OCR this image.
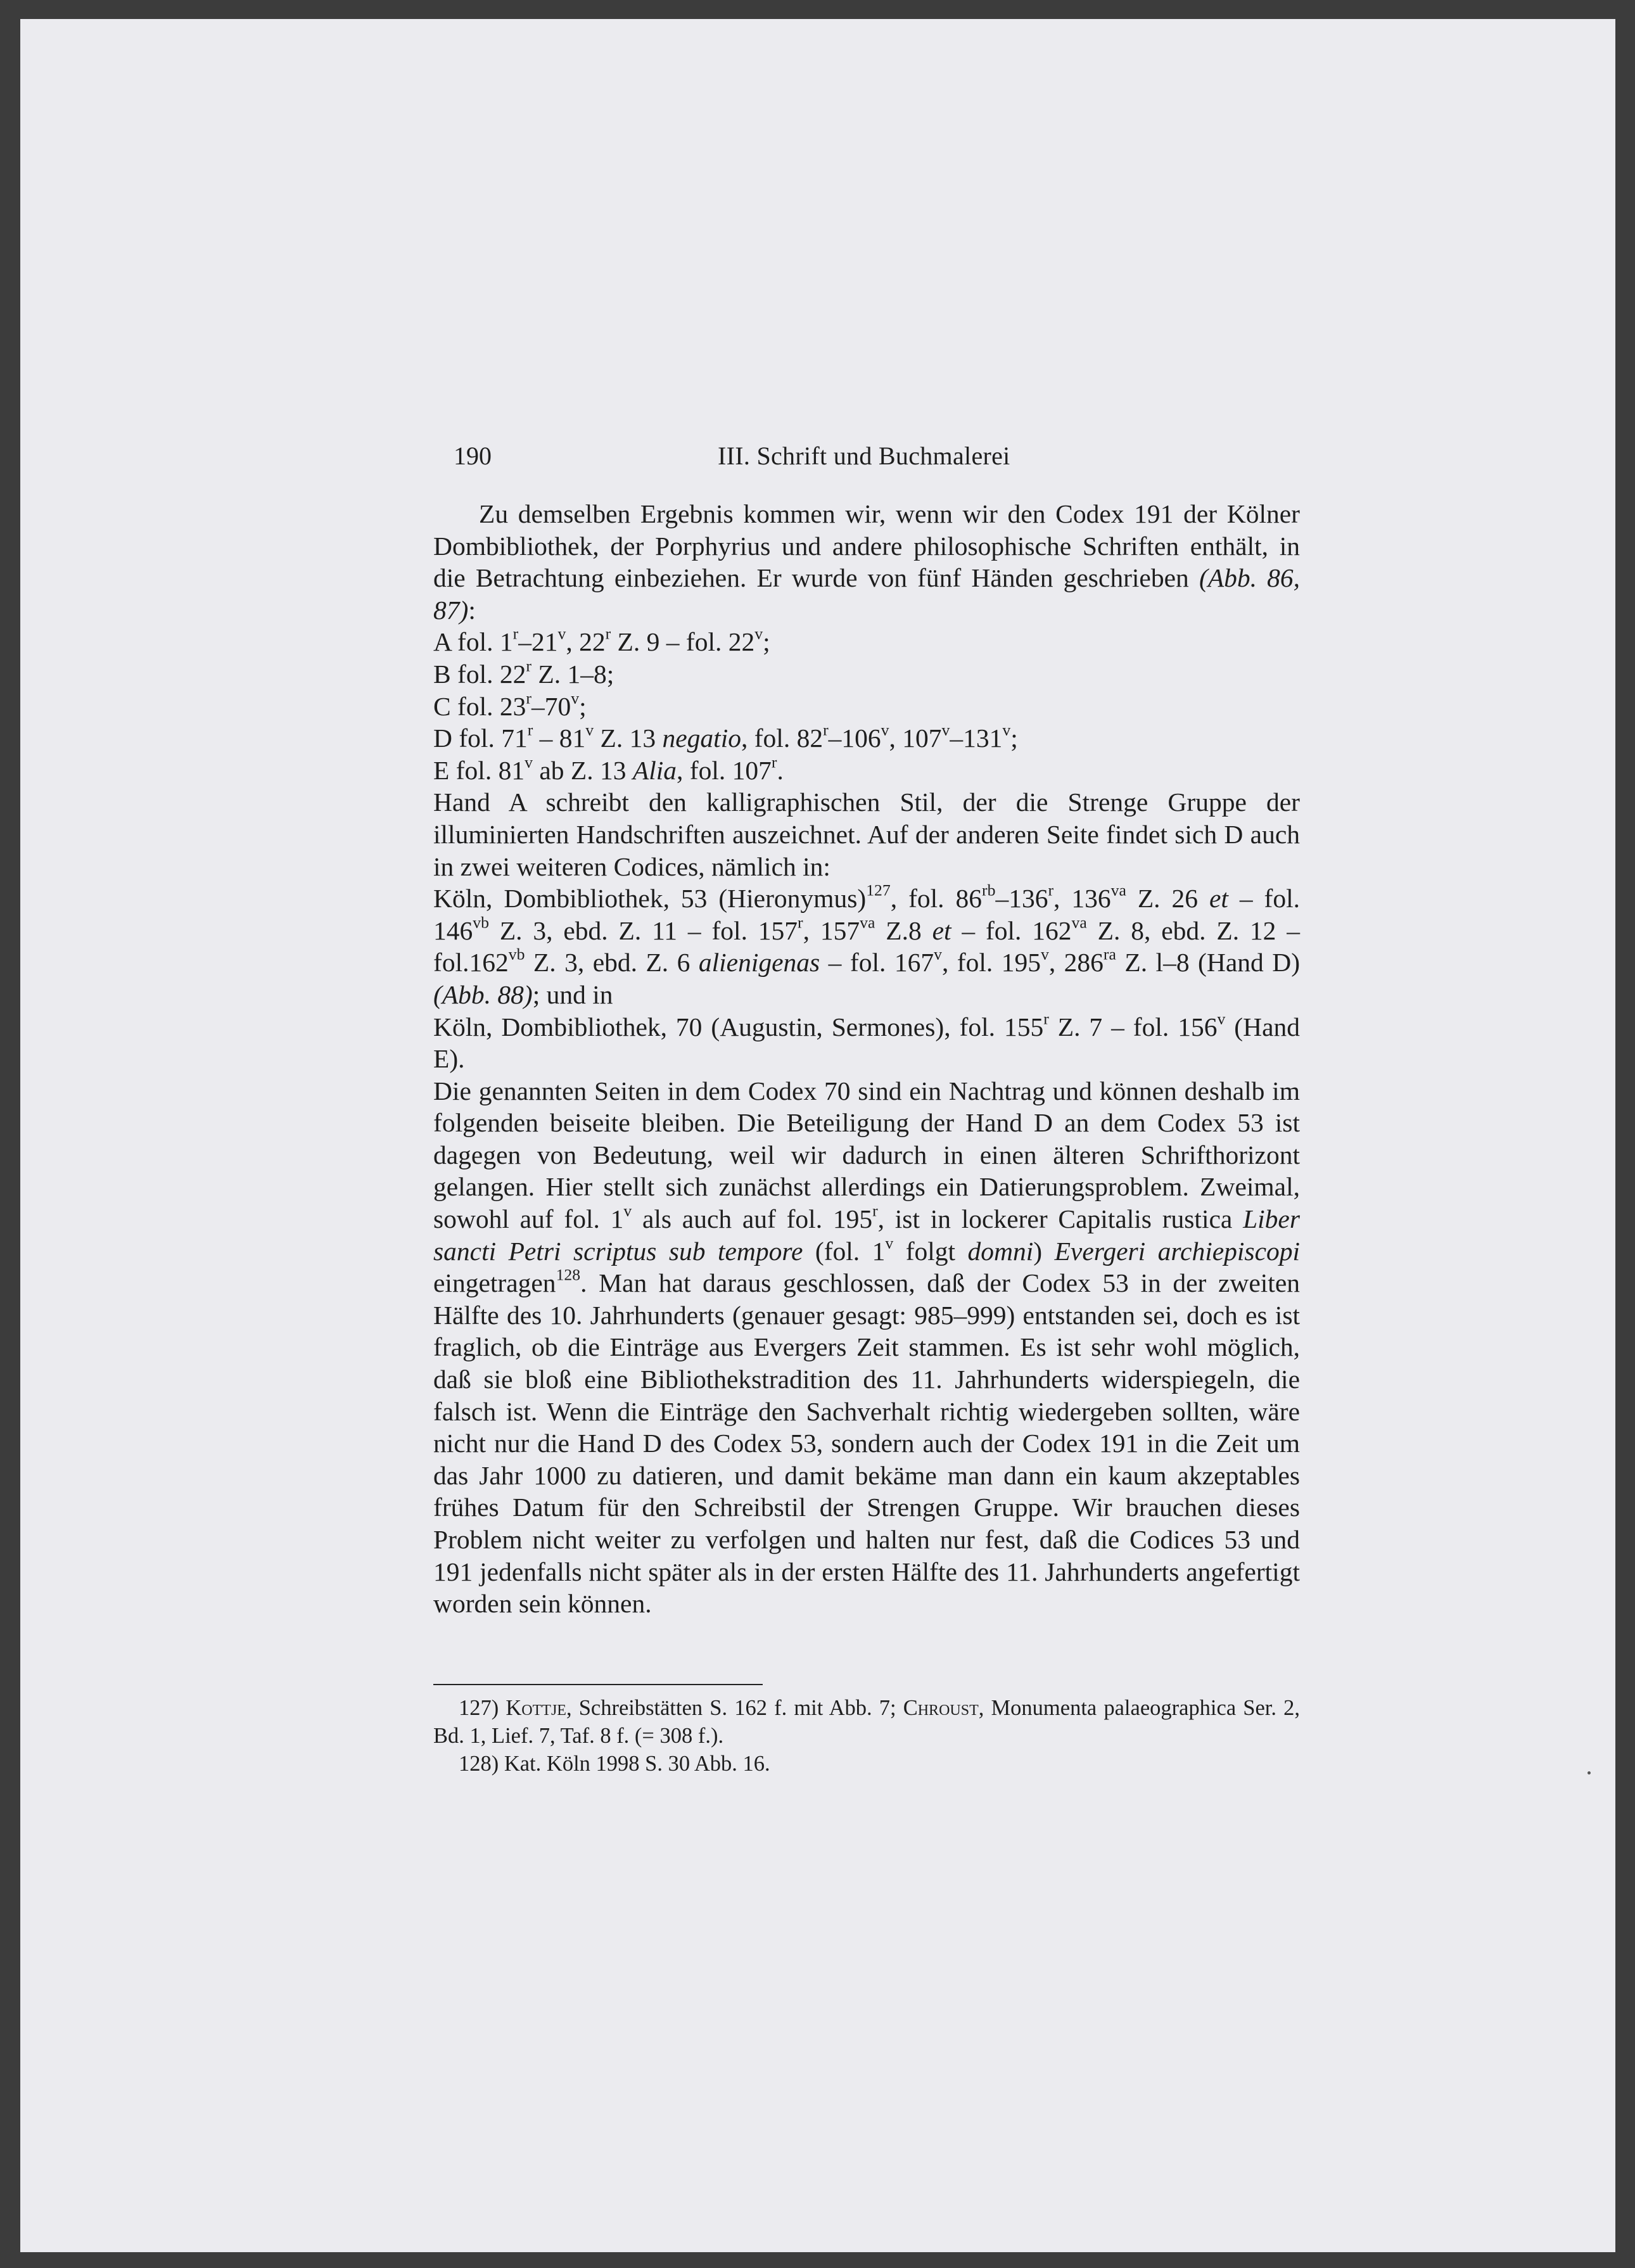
190	III. Schrift und Buchmalerei

Zu demselben Ergebnis kommen wir, wenn wir den Codex 191 der Kölner Dombibliothek, der Porphyrius und andere philosophische Schriften enthält, in die Betrachtung einbeziehen. Er wurde von fünf Händen geschrieben (Abb. 86, 87):

A fol. 1$^r$–21$^v$, 22$^r$ Z. 9 – fol. 22$^v$;

B fol. 22$^r$ Z. 1–8;

C fol. 23$^r$–70$^v$;

D fol. 71$^r$ – 81$^v$ Z. 13 negatio, fol. 82$^r$–106$^v$, 107$^v$–131$^v$;

E fol. 81$^v$ ab Z. 13 Alia, fol. 107$^r$.

Hand A schreibt den kalligraphischen Stil, der die Strenge Gruppe der illuminierten Handschriften auszeichnet. Auf der anderen Seite findet sich D auch in zwei weiteren Codices, nämlich in:

Köln, Dombibliothek, 53 (Hieronymus)$^{127}$, fol. $86^{rb}-136^r$, $136^{va}$ Z. 26 et – fol. $146^{vb}$ Z. 3, ebd. Z. 11 – fol. 157$^r$, $157^{va}$ Z.8 et – fol. $162^{va}$ Z. 8, ebd. Z. $12 - fol.162^{vb}$ Z. 3, ebd. Z. 6 alienigenas – fol. 167$^v$, fol. 195$^v$, $286^{ra}$ Z. l–8 (Hand D) (Abb. 88); und in

Köln, Dombibliothek, 70 (Augustin, Sermones), fol. 155$^r$ Z. 7 – fol. 156$^v$ (Hand E).

Die genannten Seiten in dem Codex 70 sind ein Nachtrag und können deshalb im folgenden beiseite bleiben. Die Beteiligung der Hand D an dem Codex 53 ist dagegen von Bedeutung, weil wir dadurch in einen älteren Schrifthorizont gelangen. Hier stellt sich zunächst allerdings ein Datierungsproblem. Zweimal, sowohl auf fol. 1$^v$ als auch auf fol. 195$^r$, ist in lockerer Capitalis rustica Liber sancti Petri scriptus sub tempore (fol. 1$^v$ folgt domni) Evergeri archiepiscopi eingetragen$^{128}$. Man hat daraus geschlossen, daß der Codex 53 in der zweiten Hälfte des 10. Jahrhunderts (genauer gesagt: 985–999) entstanden sei, doch es ist fraglich, ob die Einträge aus Evergers Zeit stammen. Es ist sehr wohl möglich, daß sie bloß eine Bibliothekstradition des 11. Jahrhunderts widerspiegeln, die falsch ist. Wenn die Einträge den Sachverhalt richtig wiedergeben sollten, wäre nicht nur die Hand D des Codex 53, sondern auch der Codex 191 in die Zeit um das Jahr 1000 zu datieren, und damit bekäme man dann ein kaum akzeptables frühes Datum für den Schreibstil der Strengen Gruppe. Wir brauchen dieses Problem nicht weiter zu verfolgen und halten nur fest, daß die Codices 53 und 191 jedenfalls nicht später als in der ersten Hälfte des 11. Jahrhunderts angefertigt worden sein können.

127) Kottje, Schreibstätten S. 162 f. mit Abb. 7; Chroust, Monumenta palaeographica Ser. 2, Bd. 1, Lief. 7, Taf. 8 f. (= 308 f.).

128) Kat. Köln 1998 S. 30 Abb. 16.
